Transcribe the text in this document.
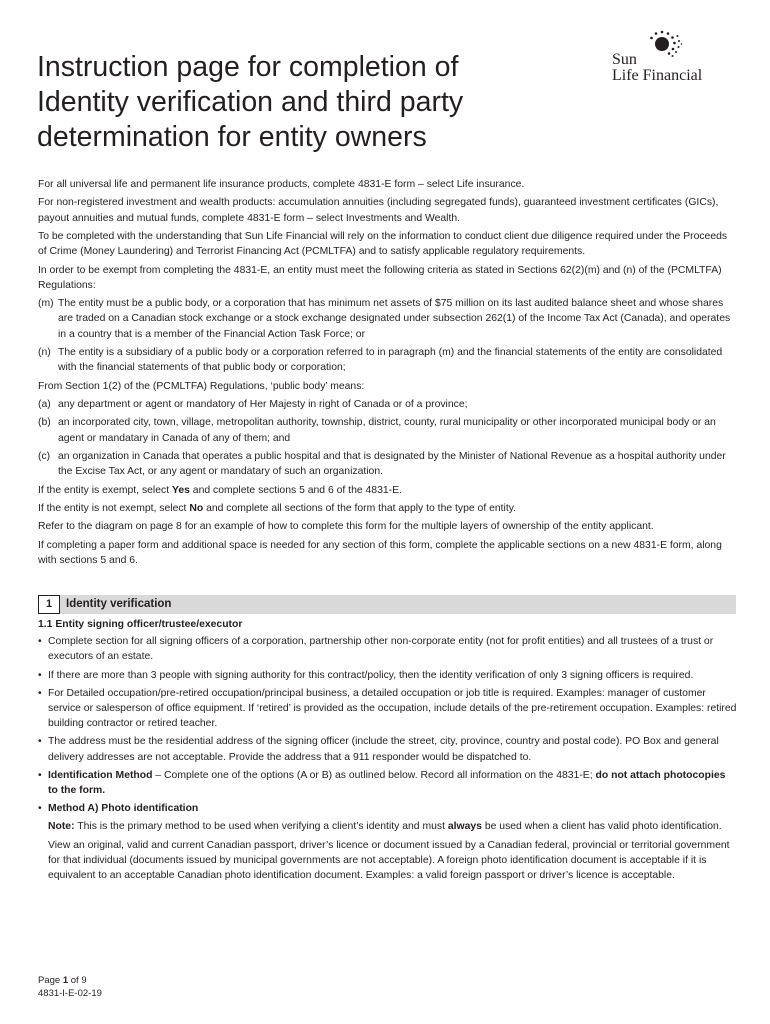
Sun
Life Financial
Instruction page for completion of
Identity verification and third party
determination for entity owners

For all universal life and permanent life insurance products, complete 4831-E form – select Life insurance.

For non-registered investment and wealth products: accumulation annuities (including segregated funds), guaranteed investment certificates (GICs), payout annuities and mutual funds, complete 4831-E form – select Investments and Wealth.

To be completed with the understanding that Sun Life Financial will rely on the information to conduct client due diligence required under the Proceeds of Crime (Money Laundering) and Terrorist Financing Act (PCMLTFA) and to satisfy applicable regulatory requirements.

In order to be exempt from completing the 4831-E, an entity must meet the following criteria as stated in Sections 62(2)(m) and (n) of the (PCMLTFA) Regulations:

(m) The entity must be a public body, or a corporation that has minimum net assets of $75 million on its last audited balance sheet and whose shares are traded on a Canadian stock exchange or a stock exchange designated under subsection 262(1) of the Income Tax Act (Canada), and operates in a country that is a member of the Financial Action Task Force; or
(n) The entity is a subsidiary of a public body or a corporation referred to in paragraph (m) and the financial statements of the entity are consolidated with the financial statements of that public body or corporation;

From Section 1(2) of the (PCMLTFA) Regulations, ‘public body’ means:

(a) any department or agent or mandatory of Her Majesty in right of Canada or of a province;
(b) an incorporated city, town, village, metropolitan authority, township, district, county, rural municipality or other incorporated municipal body or an agent or mandatary in Canada of any of them; and
(c) an organization in Canada that operates a public hospital and that is designated by the Minister of National Revenue as a hospital authority under the Excise Tax Act, or any agent or mandatary of such an organization.

If the entity is exempt, select Yes and complete sections 5 and 6 of the 4831-E.

If the entity is not exempt, select No and complete all sections of the form that apply to the type of entity.

Refer to the diagram on page 8 for an example of how to complete this form for the multiple layers of ownership of the entity applicant.

If completing a paper form and additional space is needed for any section of this form, complete the applicable sections on a new 4831-E form, along with sections 5 and 6.

1	Identity verification
1.1 Entity signing officer/trustee/executor
• Complete section for all signing officers of a corporation, partnership other non-corporate entity (not for profit entities) and all trustees of a trust or executors of an estate.
• If there are more than 3 people with signing authority for this contract/policy, then the identity verification of only 3 signing officers is required.
• For Detailed occupation/pre-retired occupation/principal business, a detailed occupation or job title is required. Examples: manager of customer service or salesperson of office equipment. If ‘retired’ is provided as the occupation, include details of the pre-retirement occupation. Examples: retired building contractor or retired teacher.
• The address must be the residential address of the signing officer (include the street, city, province, country and postal code). PO Box and general delivery addresses are not acceptable. Provide the address that a 911 responder would be dispatched to.
• Identification Method – Complete one of the options (A or B) as outlined below. Record all information on the 4831-E; do not attach photocopies to the form.
• Method A) Photo identification
Note: This is the primary method to be used when verifying a client’s identity and must always be used when a client has valid photo identification.
View an original, valid and current Canadian passport, driver’s licence or document issued by a Canadian federal, provincial or territorial government for that individual (documents issued by municipal governments are not acceptable). A foreign photo identification document is acceptable if it is equivalent to an acceptable Canadian photo identification document. Examples: a valid foreign passport or driver’s licence is acceptable.
Page 1 of 9
4831-I-E-02-19
